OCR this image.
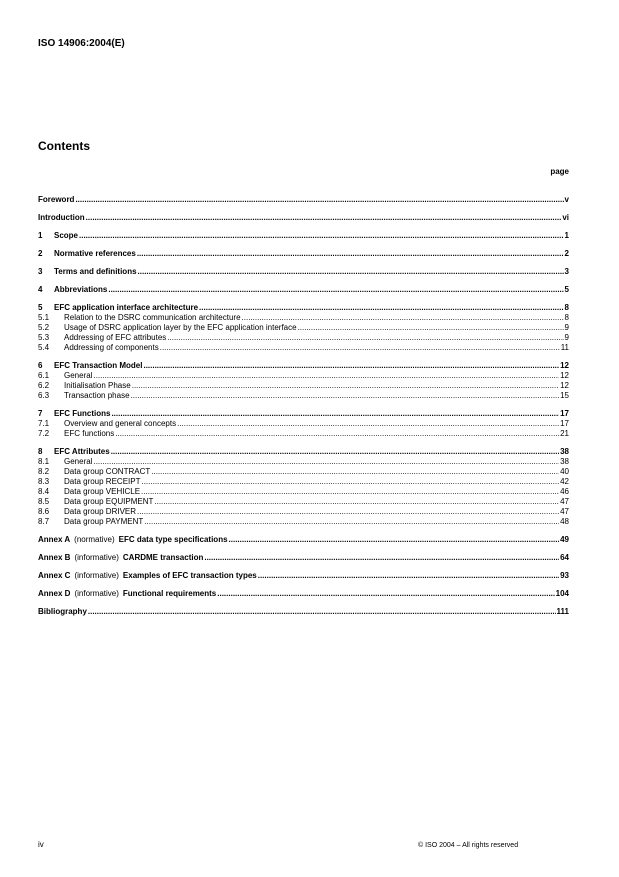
ISO 14906:2004(E)
Contents
page
Foreword .....	v
Introduction .....	vi
1	Scope .....	1
2	Normative references .....	2
3	Terms and definitions .....	3
4	Abbreviations .....	5
5	EFC application interface architecture .....	8
5.1	Relation to the DSRC communication architecture .....	8
5.2	Usage of DSRC application layer by the EFC application interface .....	9
5.3	Addressing of EFC attributes .....	9
5.4	Addressing of components .....	11
6	EFC Transaction Model .....	12
6.1	General .....	12
6.2	Initialisation Phase .....	12
6.3	Transaction phase .....	15
7	EFC Functions .....	17
7.1	Overview and general concepts .....	17
7.2	EFC functions .....	21
8	EFC Attributes .....	38
8.1	General .....	38
8.2	Data group CONTRACT .....	40
8.3	Data group RECEIPT .....	42
8.4	Data group VEHICLE .....	46
8.5	Data group EQUIPMENT .....	47
8.6	Data group DRIVER .....	47
8.7	Data group PAYMENT .....	48
Annex A (normative) EFC data type specifications .....	49
Annex B (informative) CARDME transaction .....	64
Annex C (informative) Examples of EFC transaction types .....	93
Annex D (informative) Functional requirements .....	104
Bibliography .....	111
iv	© ISO 2004 – All rights reserved
